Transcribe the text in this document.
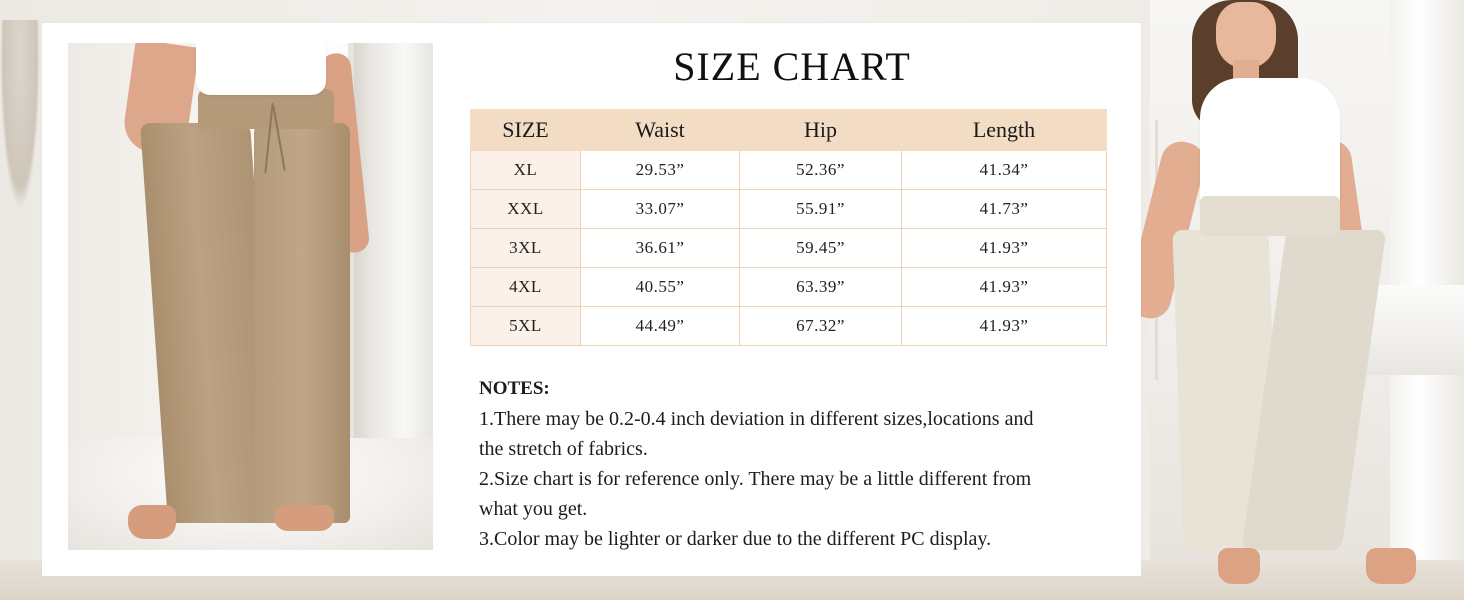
SIZE CHART
SIZE	Waist	Hip	Length
XL	29.53”	52.36”	41.34”
XXL	33.07”	55.91”	41.73”
3XL	36.61”	59.45”	41.93”
4XL	40.55”	63.39”	41.93”
5XL	44.49”	67.32”	41.93”

NOTES:

1.There may be 0.2-0.4 inch deviation in different sizes,locations and

the stretch of fabrics.

2.Size chart is for reference only. There may be a little different from

what you get.

3.Color may be lighter or darker due to the different PC display.
